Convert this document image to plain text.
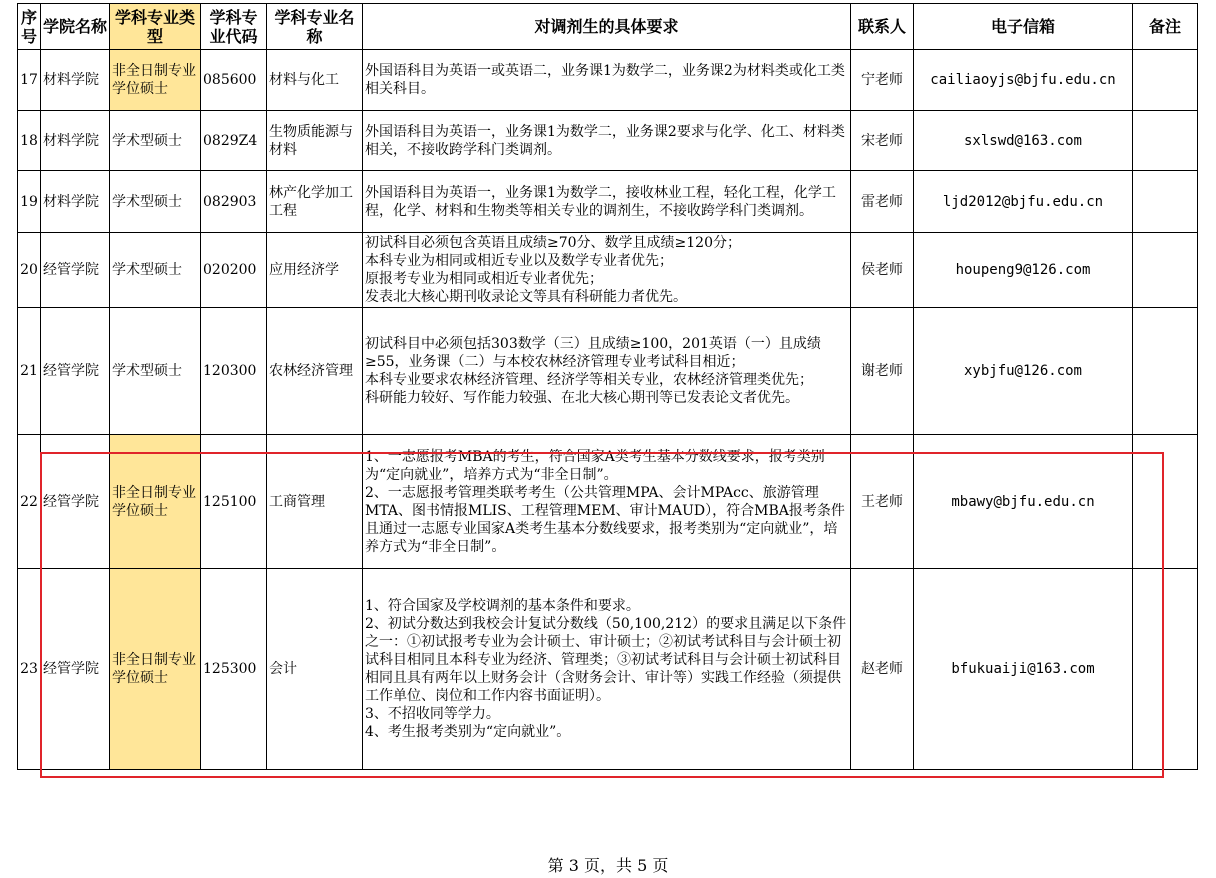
序号	学院名称	学科专业类型	学科专业代码	学科专业名称	对调剂生的具体要求	联系人	电子信箱	备注
17	材料学院	非全日制专业学位硕士	085600	材料与化工	外国语科目为英语一或英语二，业务课1为数学二，业务课2为材料类或化工类相关科目。	宁老师	cailiaoyjs@bjfu.edu.cn	
18	材料学院	学术型硕士	0829Z4	生物质能源与材料	外国语科目为英语一，业务课1为数学二，业务课2要求与化学、化工、材料类相关，不接收跨学科门类调剂。	宋老师	sxlswd@163.com	
19	材料学院	学术型硕士	082903	林产化学加工工程	外国语科目为英语一，业务课1为数学二，接收林业工程，轻化工程，化学工程，化学、材料和生物类等相关专业的调剂生，不接收跨学科门类调剂。	雷老师	ljd2012@bjfu.edu.cn	
20	经管学院	学术型硕士	020200	应用经济学	初试科目必须包含英语且成绩≥70分、数学且成绩≥120分；
本科专业为相同或相近专业以及数学专业者优先；
原报考专业为相同或相近专业者优先；
发表北大核心期刊收录论文等具有科研能力者优先。	侯老师	houpeng9@126.com	
21	经管学院	学术型硕士	120300	农林经济管理	初试科目中必须包括303数学（三）且成绩≥100，201英语（一）且成绩≥55，业务课（二）与本校农林经济管理专业考试科目相近；
本科专业要求农林经济管理、经济学等相关专业，农林经济管理类优先；
科研能力较好、写作能力较强、在北大核心期刊等已发表论文者优先。	谢老师	xybjfu@126.com	
22	经管学院	非全日制专业学位硕士	125100	工商管理	1、一志愿报考MBA的考生，符合国家A类考生基本分数线要求，报考类别为“定向就业”，培养方式为“非全日制”。
2、一志愿报考管理类联考考生（公共管理MPA、会计MPAcc、旅游管理MTA、图书情报MLIS、工程管理MEM、审计MAUD），符合MBA报考条件且通过一志愿专业国家A类考生基本分数线要求，报考类别为“定向就业”，培养方式为“非全日制”。	王老师	mbawy@bjfu.edu.cn	
23	经管学院	非全日制专业学位硕士	125300	会计	1、符合国家及学校调剂的基本条件和要求。
2、初试分数达到我校会计复试分数线（50,100,212）的要求且满足以下条件之一：①初试报考专业为会计硕士、审计硕士；②初试考试科目与会计硕士初试科目相同且本科专业为经济、管理类；③初试考试科目与会计硕士初试科目相同且具有两年以上财务会计（含财务会计、审计等）实践工作经验（须提供工作单位、岗位和工作内容书面证明）。
3、不招收同等学力。
4、考生报考类别为“定向就业”。	赵老师	bfukuaiji@163.com	
第 3 页，共 5 页
